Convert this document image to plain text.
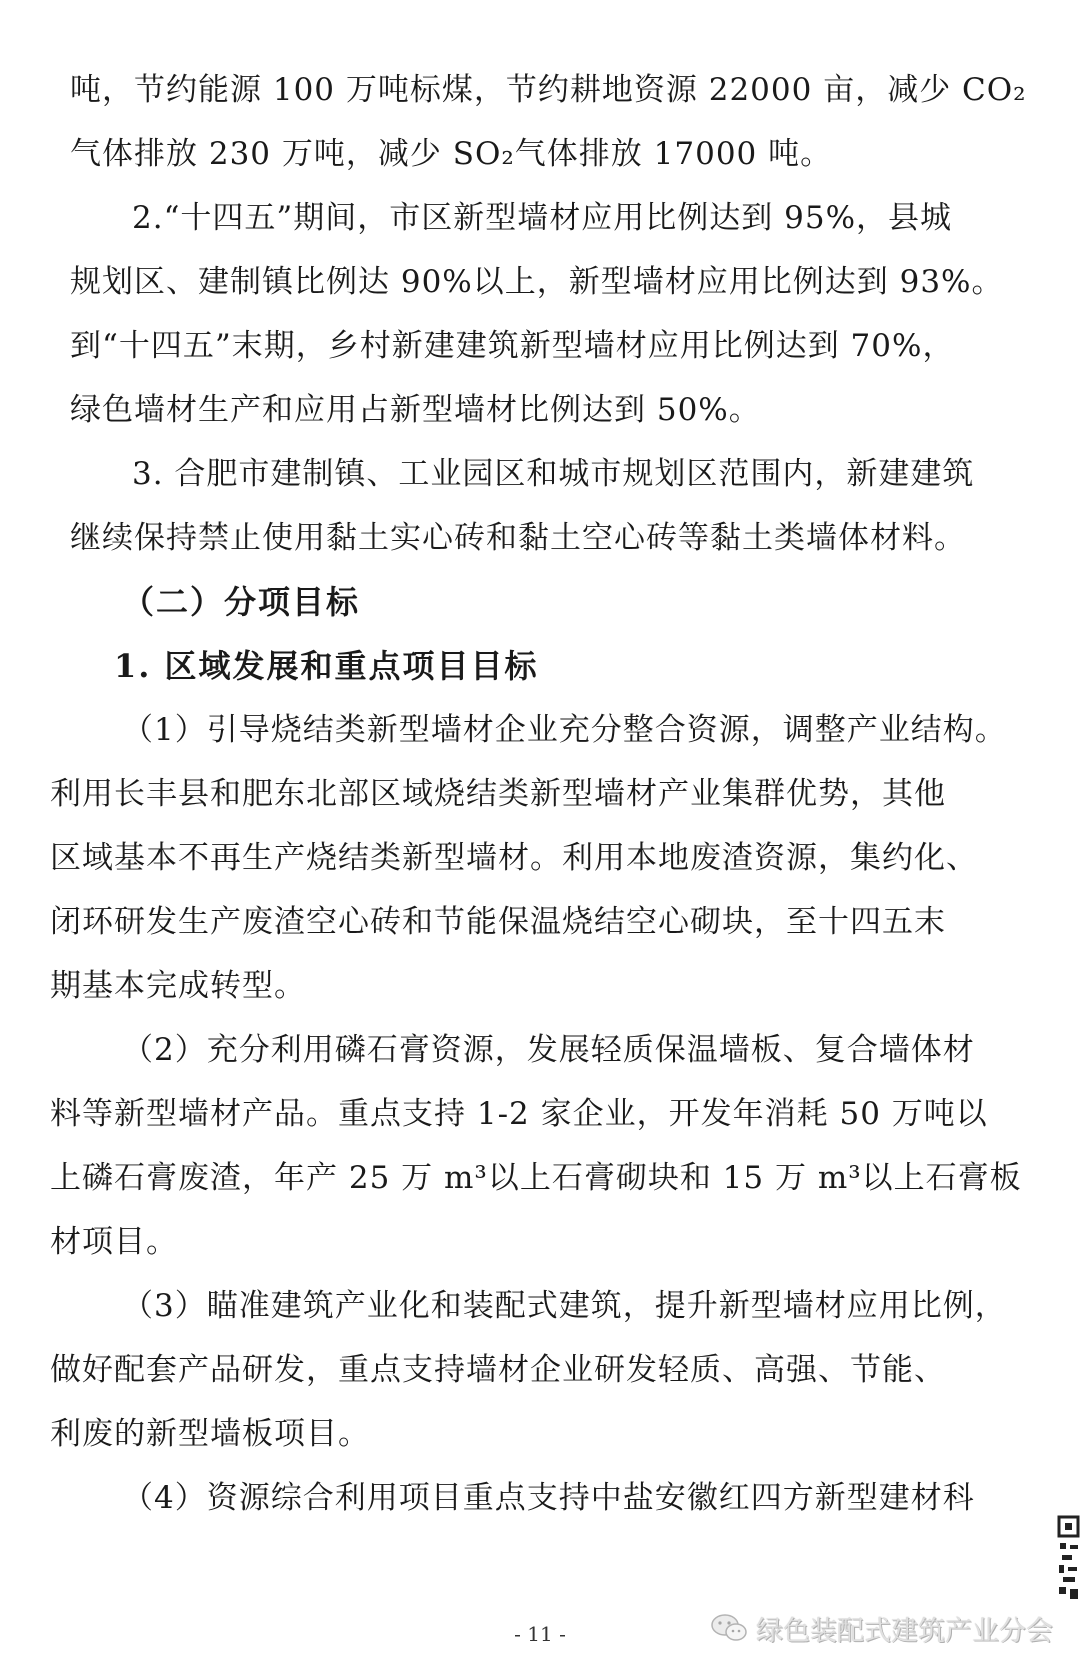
吨，节约能源 100 万吨标煤，节约耕地资源 22000 亩，减少 CO₂
气体排放 230 万吨，减少 SO₂气体排放 17000 吨。
2.“十四五”期间，市区新型墙材应用比例达到 95%，县城
规划区、建制镇比例达 90%以上，新型墙材应用比例达到 93%。
到“十四五”末期，乡村新建建筑新型墙材应用比例达到 70%，
绿色墙材生产和应用占新型墙材比例达到 50%。
3. 合肥市建制镇、工业园区和城市规划区范围内，新建建筑
继续保持禁止使用黏土实心砖和黏土空心砖等黏土类墙体材料。
（二）分项目标
1. 区域发展和重点项目目标
（1）引导烧结类新型墙材企业充分整合资源，调整产业结构。
利用长丰县和肥东北部区域烧结类新型墙材产业集群优势，其他
区域基本不再生产烧结类新型墙材。利用本地废渣资源，集约化、
闭环研发生产废渣空心砖和节能保温烧结空心砌块，至十四五末
期基本完成转型。
（2）充分利用磷石膏资源，发展轻质保温墙板、复合墙体材
料等新型墙材产品。重点支持 1-2 家企业，开发年消耗 50 万吨以
上磷石膏废渣，年产 25 万 m³以上石膏砌块和 15 万 m³以上石膏板
材项目。
（3）瞄准建筑产业化和装配式建筑，提升新型墙材应用比例，
做好配套产品研发，重点支持墙材企业研发轻质、高强、节能、
利废的新型墙板项目。
（4）资源综合利用项目重点支持中盐安徽红四方新型建材科
- 11 -	绿色装配式建筑产业分会
